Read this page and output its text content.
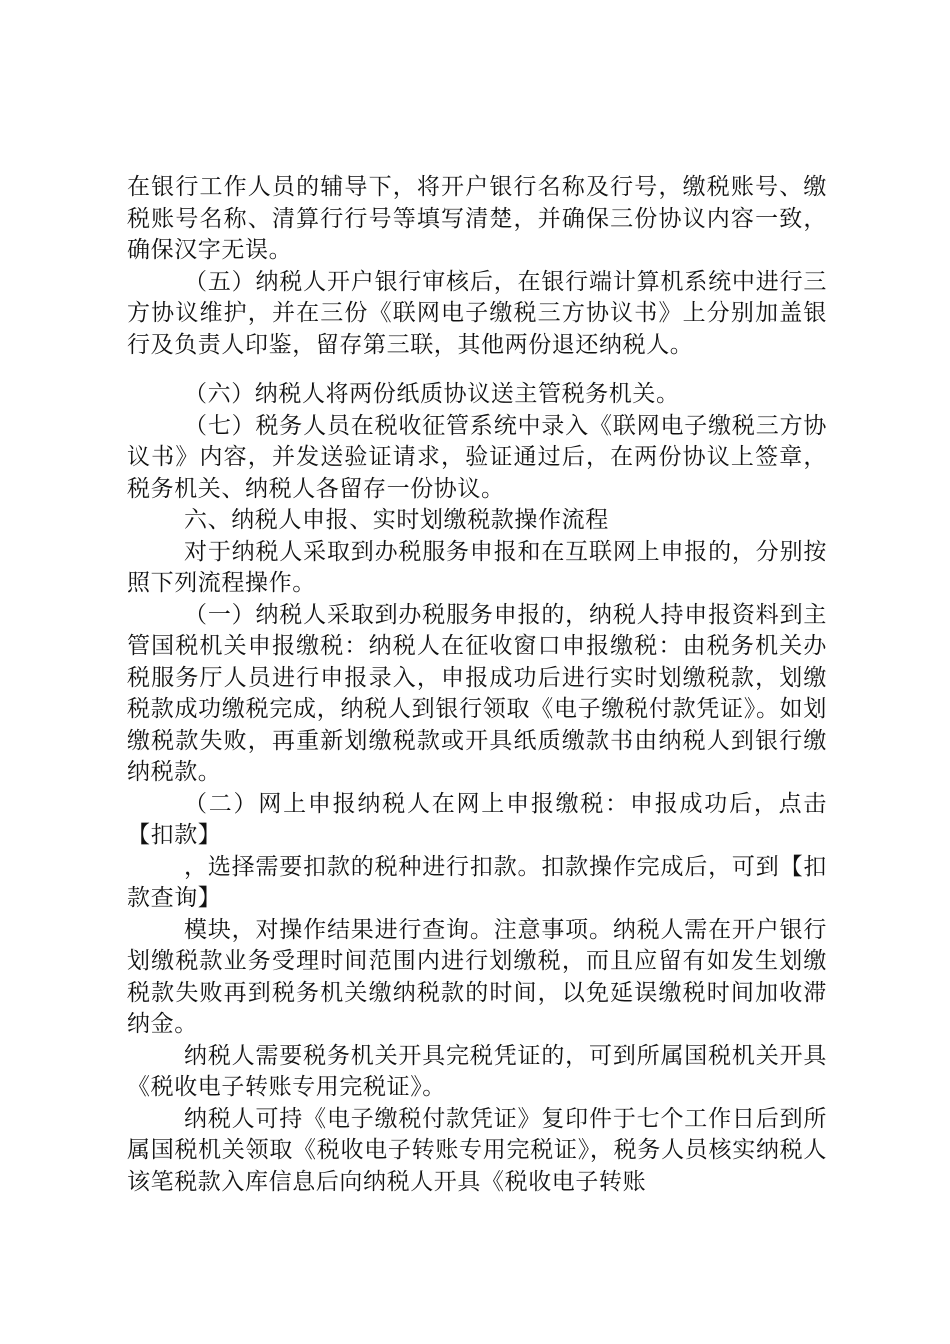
在银行工作人员的辅导下，将开户银行名称及行号，缴税账号、缴税账号名称、清算行行号等填写清楚，并确保三份协议内容一致，确保汉字无误。

（五）纳税人开户银行审核后，在银行端计算机系统中进行三方协议维护，并在三份《联网电子缴税三方协议书》上分别加盖银行及负责人印鉴，留存第三联，其他两份退还纳税人。

（六）纳税人将两份纸质协议送主管税务机关。

（七）税务人员在税收征管系统中录入《联网电子缴税三方协议书》内容，并发送验证请求，验证通过后，在两份协议上签章，税务机关、纳税人各留存一份协议。

六、纳税人申报、实时划缴税款操作流程

对于纳税人采取到办税服务申报和在互联网上申报的，分别按照下列流程操作。

（一）纳税人采取到办税服务申报的，纳税人持申报资料到主管国税机关申报缴税：纳税人在征收窗口申报缴税：由税务机关办税服务厅人员进行申报录入，申报成功后进行实时划缴税款，划缴税款成功缴税完成，纳税人到银行领取《电子缴税付款凭证》。如划缴税款失败，再重新划缴税款或开具纸质缴款书由纳税人到银行缴纳税款。

（二）网上申报纳税人在网上申报缴税：申报成功后，点击【扣款】

，选择需要扣款的税种进行扣款。扣款操作完成后，可到【扣款查询】

模块，对操作结果进行查询。注意事项。纳税人需在开户银行划缴税款业务受理时间范围内进行划缴税，而且应留有如发生划缴税款失败再到税务机关缴纳税款的时间，以免延误缴税时间加收滞纳金。

纳税人需要税务机关开具完税凭证的，可到所属国税机关开具《税收电子转账专用完税证》。

纳税人可持《电子缴税付款凭证》复印件于七个工作日后到所属国税机关领取《税收电子转账专用完税证》，税务人员核实纳税人该笔税款入库信息后向纳税人开具《税收电子转账
